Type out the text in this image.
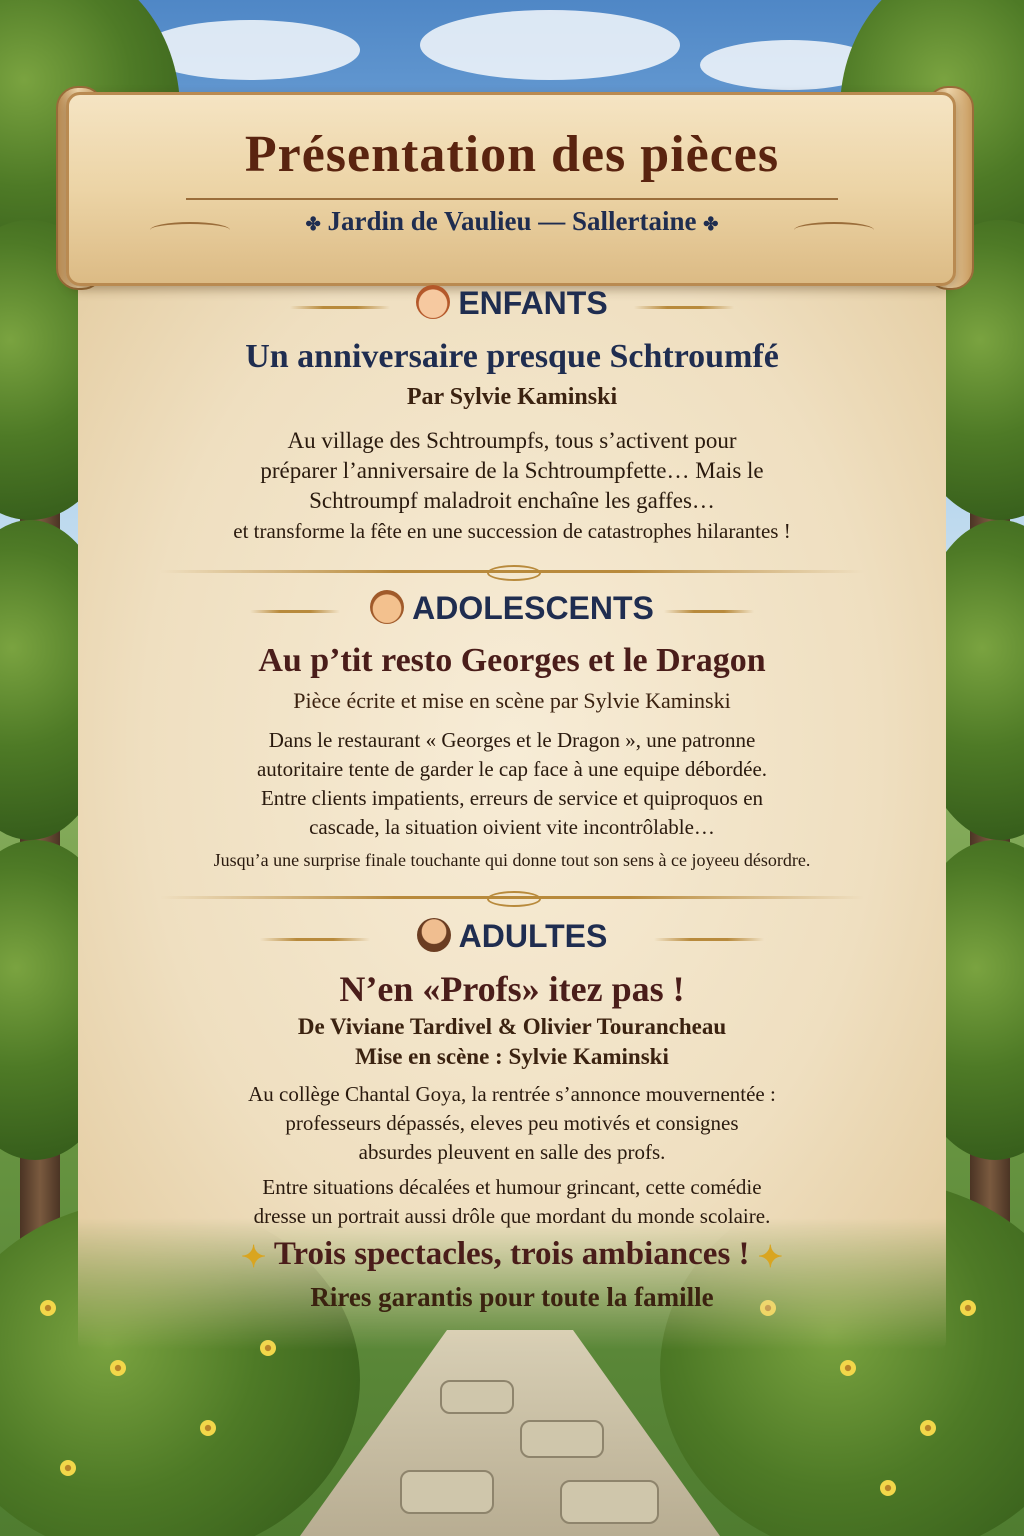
Présentation des pièces
✤ Jardin de Vaulieu — Sallertaine ✤
ENFANTS
Un anniversaire presque Schtroumfé
Par Sylvie Kaminski
Au village des Schtroumpfs, tous s’activent pour
préparer l’anniversaire de la Schtroumpfette… Mais le
Schtroumpf maladroit enchaîne les gaffes…
et transforme la fête en une succession de catastrophes hilarantes !
ADOLESCENTS
Au p’tit resto Georges et le Dragon
Pièce écrite et mise en scène par Sylvie Kaminski
Dans le restaurant « Georges et le Dragon », une patronne
autoritaire tente de garder le cap face à une equipe débordée.
Entre clients impatients, erreurs de service et quiproquos en
cascade, la situation oivient vite incontrôlable…
Jusqu’a une surprise finale touchante qui donne tout son sens à ce joyeeu désordre.
ADULTES
N’en «Profs» itez pas !
De Viviane Tardivel & Olivier Tourancheau
Mise en scène : Sylvie Kaminski
Au collège Chantal Goya, la rentrée s’annonce mouvernentée :
professeurs dépassés, eleves peu motivés et consignes
absurdes pleuvent en salle des profs.
Entre situations décalées et humour grincant, cette comédie
dresse un portrait aussi drôle que mordant du monde scolaire.
✦ Trois spectacles, trois ambiances ! ✦
Rires garantis pour toute la famille
